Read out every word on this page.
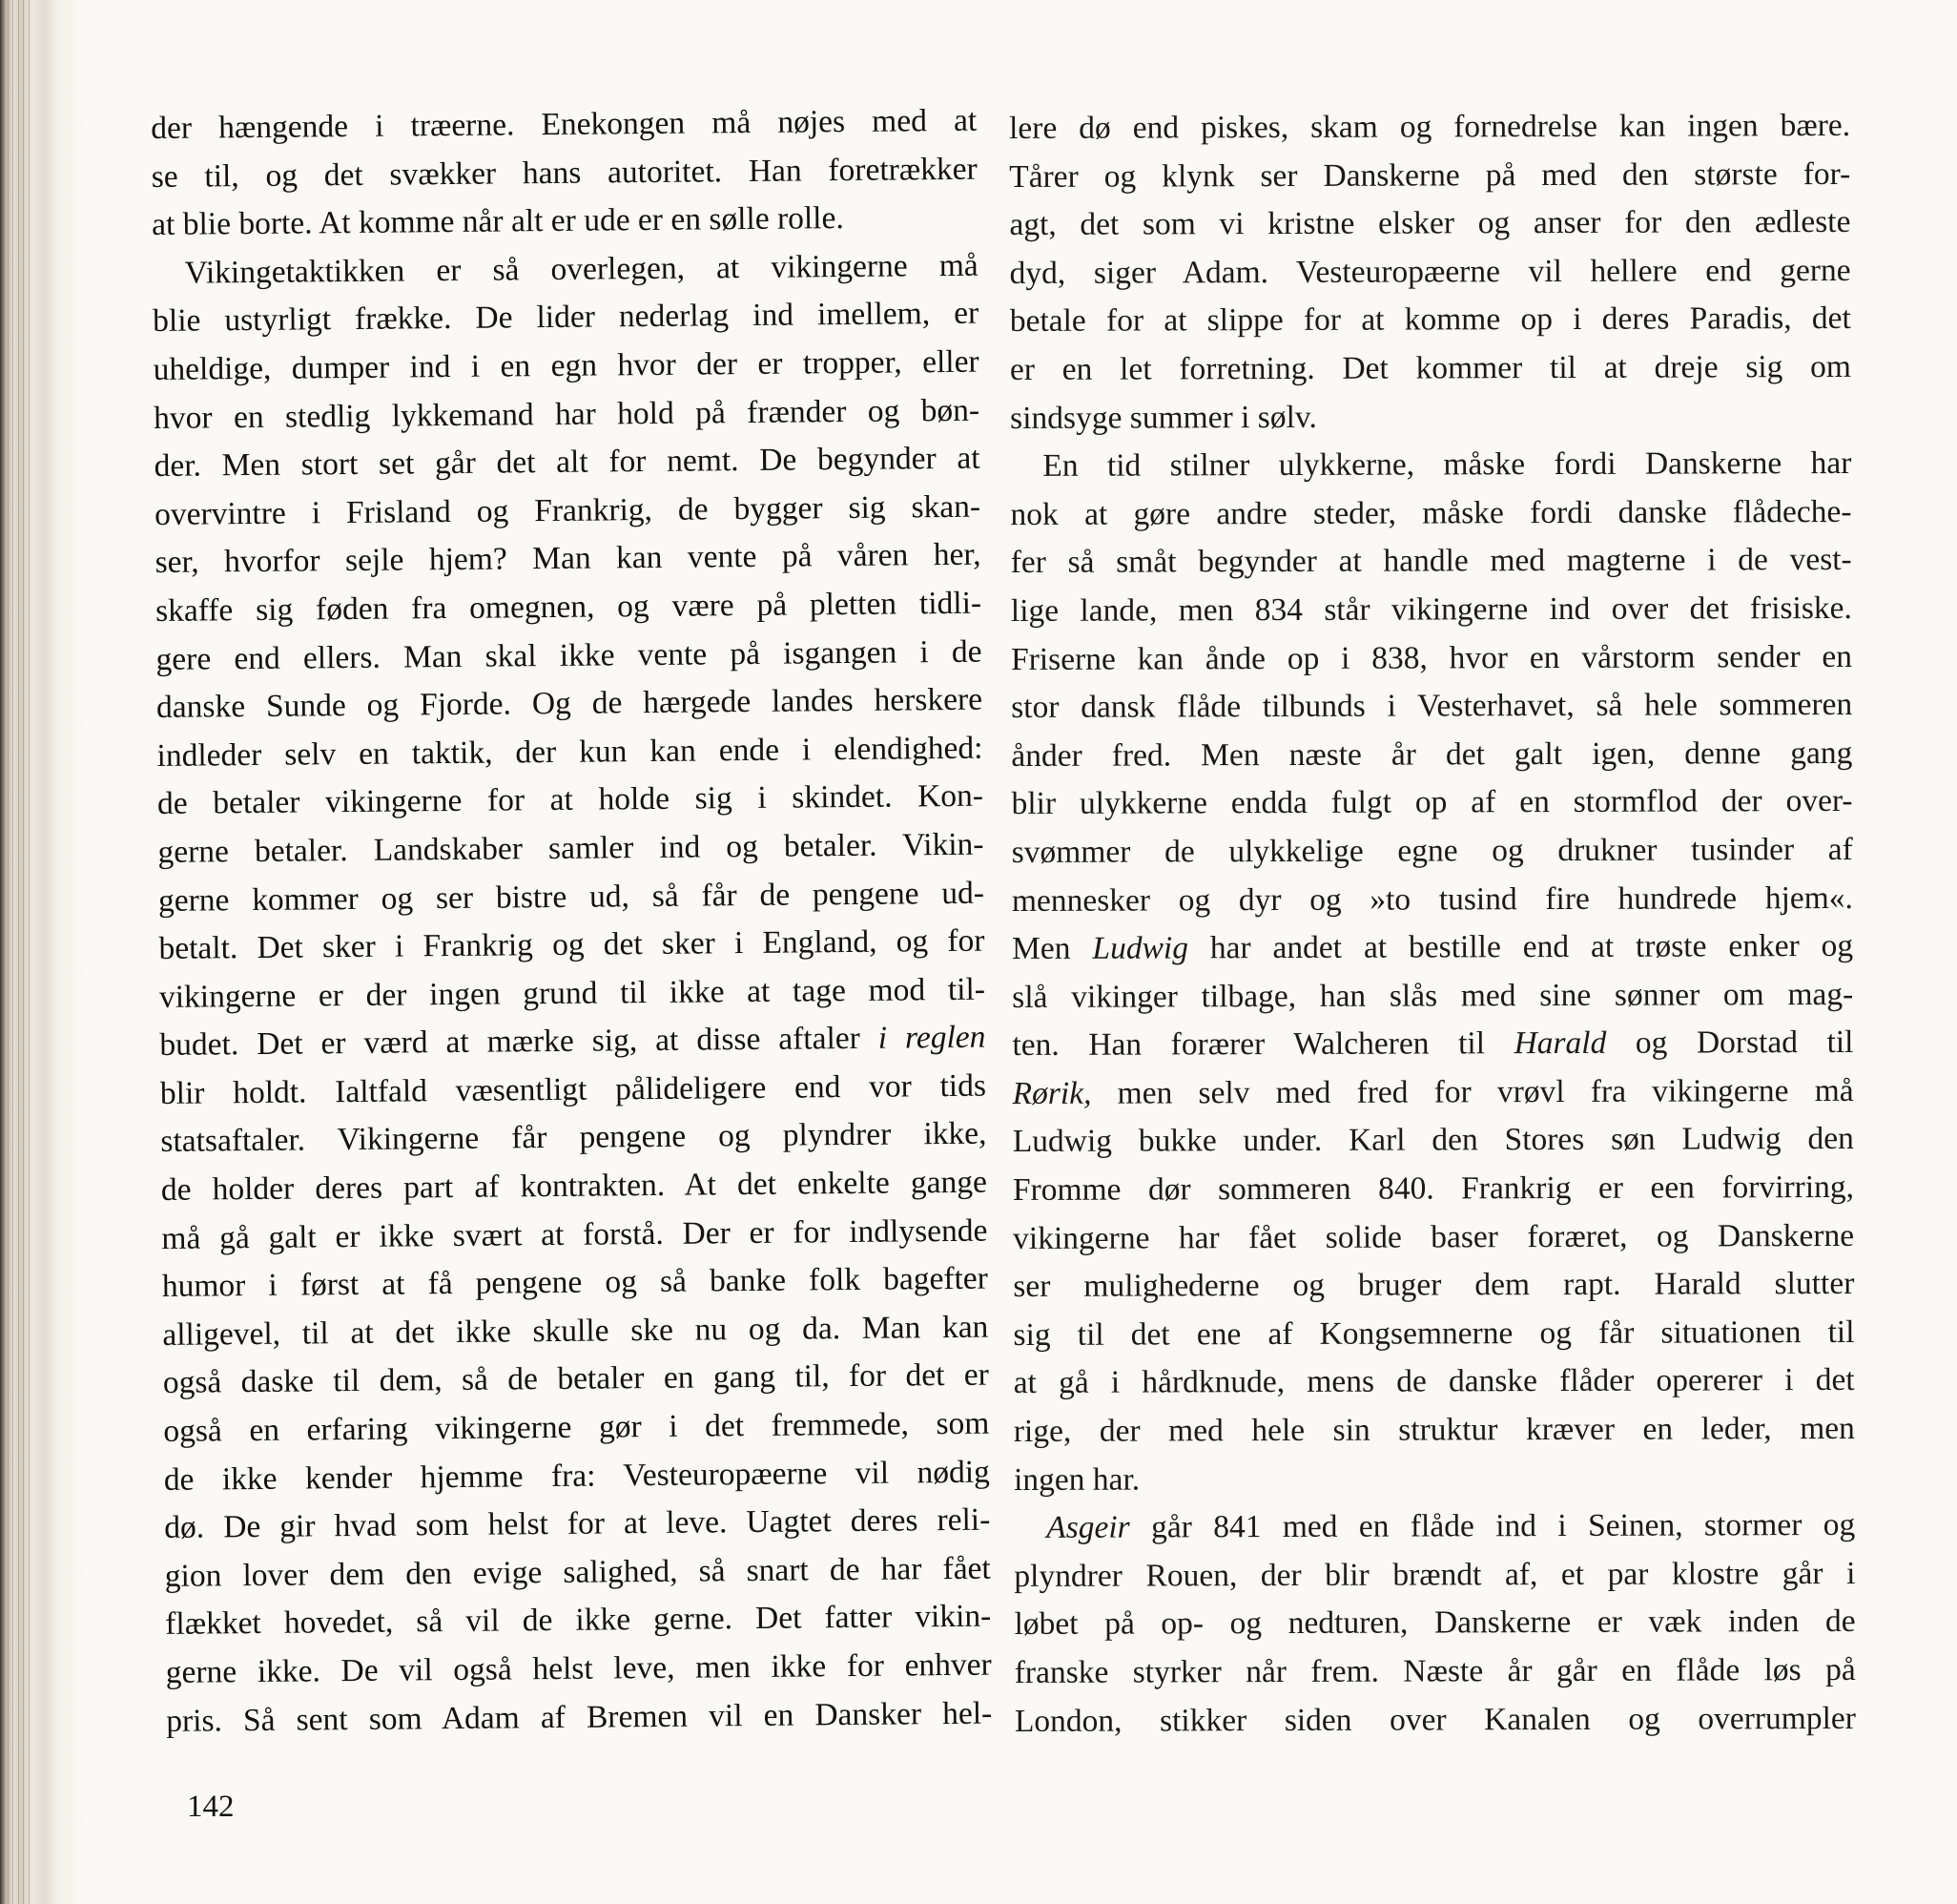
der hængende i træerne. Enekongen må nøjes med at
se til, og det svækker hans autoritet. Han foretrækker
at blie borte. At komme når alt er ude er en sølle rolle.
Vikingetaktikken er så overlegen, at vikingerne må
blie ustyrligt frække. De lider nederlag ind imellem, er
uheldige, dumper ind i en egn hvor der er tropper, eller
hvor en stedlig lykkemand har hold på frænder og bøn-
der. Men stort set går det alt for nemt. De begynder at
overvintre i Frisland og Frankrig, de bygger sig skan-
ser, hvorfor sejle hjem? Man kan vente på våren her,
skaffe sig føden fra omegnen, og være på pletten tidli-
gere end ellers. Man skal ikke vente på isgangen i de
danske Sunde og Fjorde. Og de hærgede landes herskere
indleder selv en taktik, der kun kan ende i elendighed:
de betaler vikingerne for at holde sig i skindet. Kon-
gerne betaler. Landskaber samler ind og betaler. Vikin-
gerne kommer og ser bistre ud, så får de pengene ud-
betalt. Det sker i Frankrig og det sker i England, og for
vikingerne er der ingen grund til ikke at tage mod til-
budet. Det er værd at mærke sig, at disse aftaler i reglen
blir holdt. Ialtfald væsentligt pålideligere end vor tids
statsaftaler. Vikingerne får pengene og plyndrer ikke,
de holder deres part af kontrakten. At det enkelte gange
må gå galt er ikke svært at forstå. Der er for indlysende
humor i først at få pengene og så banke folk bagefter
alligevel, til at det ikke skulle ske nu og da. Man kan
også daske til dem, så de betaler en gang til, for det er
også en erfaring vikingerne gør i det fremmede, som
de ikke kender hjemme fra: Vesteuropæerne vil nødig
dø. De gir hvad som helst for at leve. Uagtet deres reli-
gion lover dem den evige salighed, så snart de har fået
flækket hovedet, så vil de ikke gerne. Det fatter vikin-
gerne ikke. De vil også helst leve, men ikke for enhver
pris. Så sent som Adam af Bremen vil en Dansker hel-
lere dø end piskes, skam og fornedrelse kan ingen bære.
Tårer og klynk ser Danskerne på med den største for-
agt, det som vi kristne elsker og anser for den ædleste
dyd, siger Adam. Vesteuropæerne vil hellere end gerne
betale for at slippe for at komme op i deres Paradis, det
er en let forretning. Det kommer til at dreje sig om
sindsyge summer i sølv.
En tid stilner ulykkerne, måske fordi Danskerne har
nok at gøre andre steder, måske fordi danske flådeche-
fer så småt begynder at handle med magterne i de vest-
lige lande, men 834 står vikingerne ind over det frisiske.
Friserne kan ånde op i 838, hvor en vårstorm sender en
stor dansk flåde tilbunds i Vesterhavet, så hele sommeren
ånder fred. Men næste år det galt igen, denne gang
blir ulykkerne endda fulgt op af en stormflod der over-
svømmer de ulykkelige egne og drukner tusinder af
mennesker og dyr og »to tusind fire hundrede hjem«.
Men Ludwig har andet at bestille end at trøste enker og
slå vikinger tilbage, han slås med sine sønner om mag-
ten. Han forærer Walcheren til Harald og Dorstad til
Rørik, men selv med fred for vrøvl fra vikingerne må
Ludwig bukke under. Karl den Stores søn Ludwig den
Fromme dør sommeren 840. Frankrig er een forvirring,
vikingerne har fået solide baser foræret, og Danskerne
ser mulighederne og bruger dem rapt. Harald slutter
sig til det ene af Kongsemnerne og får situationen til
at gå i hårdknude, mens de danske flåder opererer i det
rige, der med hele sin struktur kræver en leder, men
ingen har.
Asgeir går 841 med en flåde ind i Seinen, stormer og
plyndrer Rouen, der blir brændt af, et par klostre går i
løbet på op- og nedturen, Danskerne er væk inden de
franske styrker når frem. Næste år går en flåde løs på
London, stikker siden over Kanalen og overrumpler
142
